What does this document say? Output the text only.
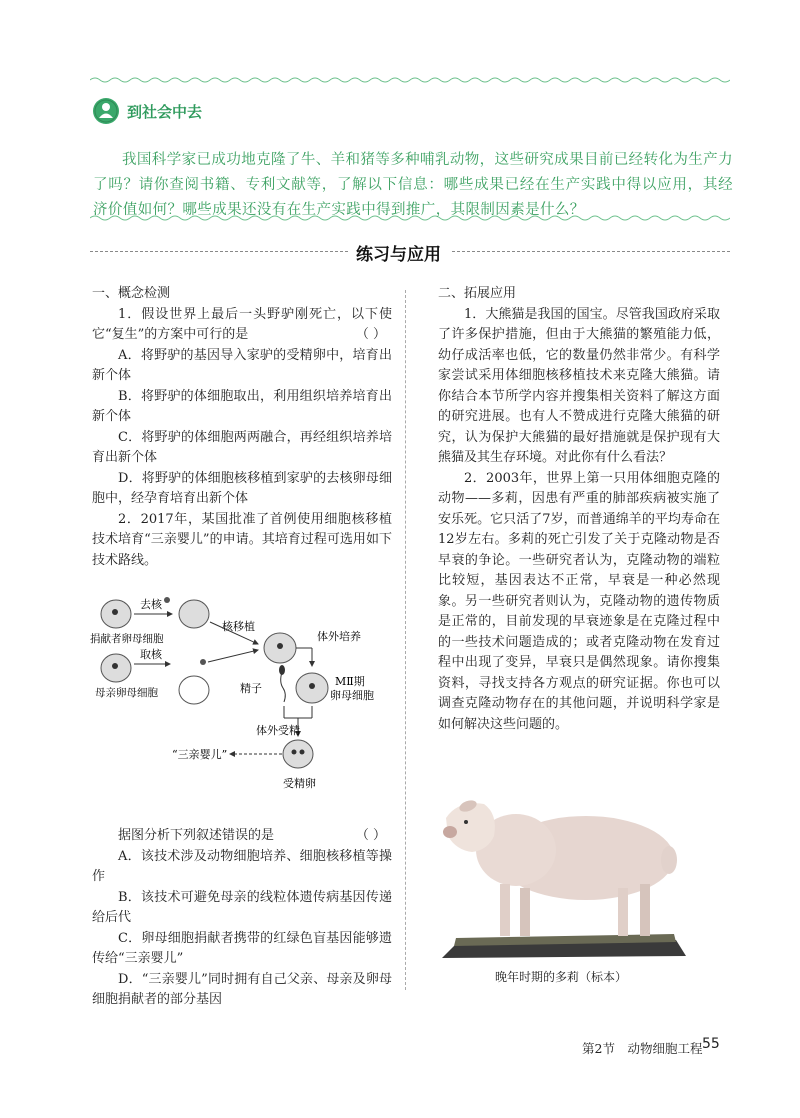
到社会中去

我国科学家已成功地克隆了牛、羊和猪等多种哺乳动物，这些研究成果目前已经转化为生产力了吗？请你查阅书籍、专利文献等，了解以下信息：哪些成果已经在生产实践中得以应用，其经济价值如何？哪些成果还没有在生产实践中得到推广，其限制因素是什么？

练习与应用

一、概念检测

1．假设世界上最后一头野驴刚死亡，以下使它“复生”的方案中可行的是	（ ）

A．将野驴的基因导入家驴的受精卵中，培育出新个体

B．将野驴的体细胞取出，利用组织培养培育出新个体

C．将野驴的体细胞两两融合，再经组织培养培育出新个体

D．将野驴的体细胞核移植到家驴的去核卵母细胞中，经孕育培育出新个体

2．2017年，某国批准了首例使用细胞核移植技术培育“三亲婴儿”的申请。其培育过程可选用如下技术路线。

去核
捐献者卵母细胞
取核
母亲卵母细胞
核移植
体外培养
精子
MⅡ期
卵母细胞
体外受精
受精卵
“三亲婴儿”

据图分析下列叙述错误的是	（ ）

A．该技术涉及动物细胞培养、细胞核移植等操作

B．该技术可避免母亲的线粒体遗传病基因传递给后代

C．卵母细胞捐献者携带的红绿色盲基因能够遗传给“三亲婴儿”

D．“三亲婴儿”同时拥有自己父亲、母亲及卵母细胞捐献者的部分基因

二、拓展应用

1．大熊猫是我国的国宝。尽管我国政府采取了许多保护措施，但由于大熊猫的繁殖能力低，幼仔成活率也低，它的数量仍然非常少。有科学家尝试采用体细胞核移植技术来克隆大熊猫。请你结合本节所学内容并搜集相关资料了解这方面的研究进展。也有人不赞成进行克隆大熊猫的研究，认为保护大熊猫的最好措施就是保护现有大熊猫及其生存环境。对此你有什么看法？

2．2003年，世界上第一只用体细胞克隆的动物——多莉，因患有严重的肺部疾病被实施了安乐死。它只活了7岁，而普通绵羊的平均寿命在12岁左右。多莉的死亡引发了关于克隆动物是否早衰的争论。一些研究者认为，克隆动物的端粒比较短，基因表达不正常，早衰是一种必然现象。另一些研究者则认为，克隆动物的遗传物质是正常的，目前发现的早衰迹象是在克隆过程中的一些技术问题造成的；或者克隆动物在发育过程中出现了变异，早衰只是偶然现象。请你搜集资料，寻找支持各方观点的研究证据。你也可以调查克隆动物存在的其他问题，并说明科学家是如何解决这些问题的。

晚年时期的多莉（标本）
第2节　动物细胞工程 55
